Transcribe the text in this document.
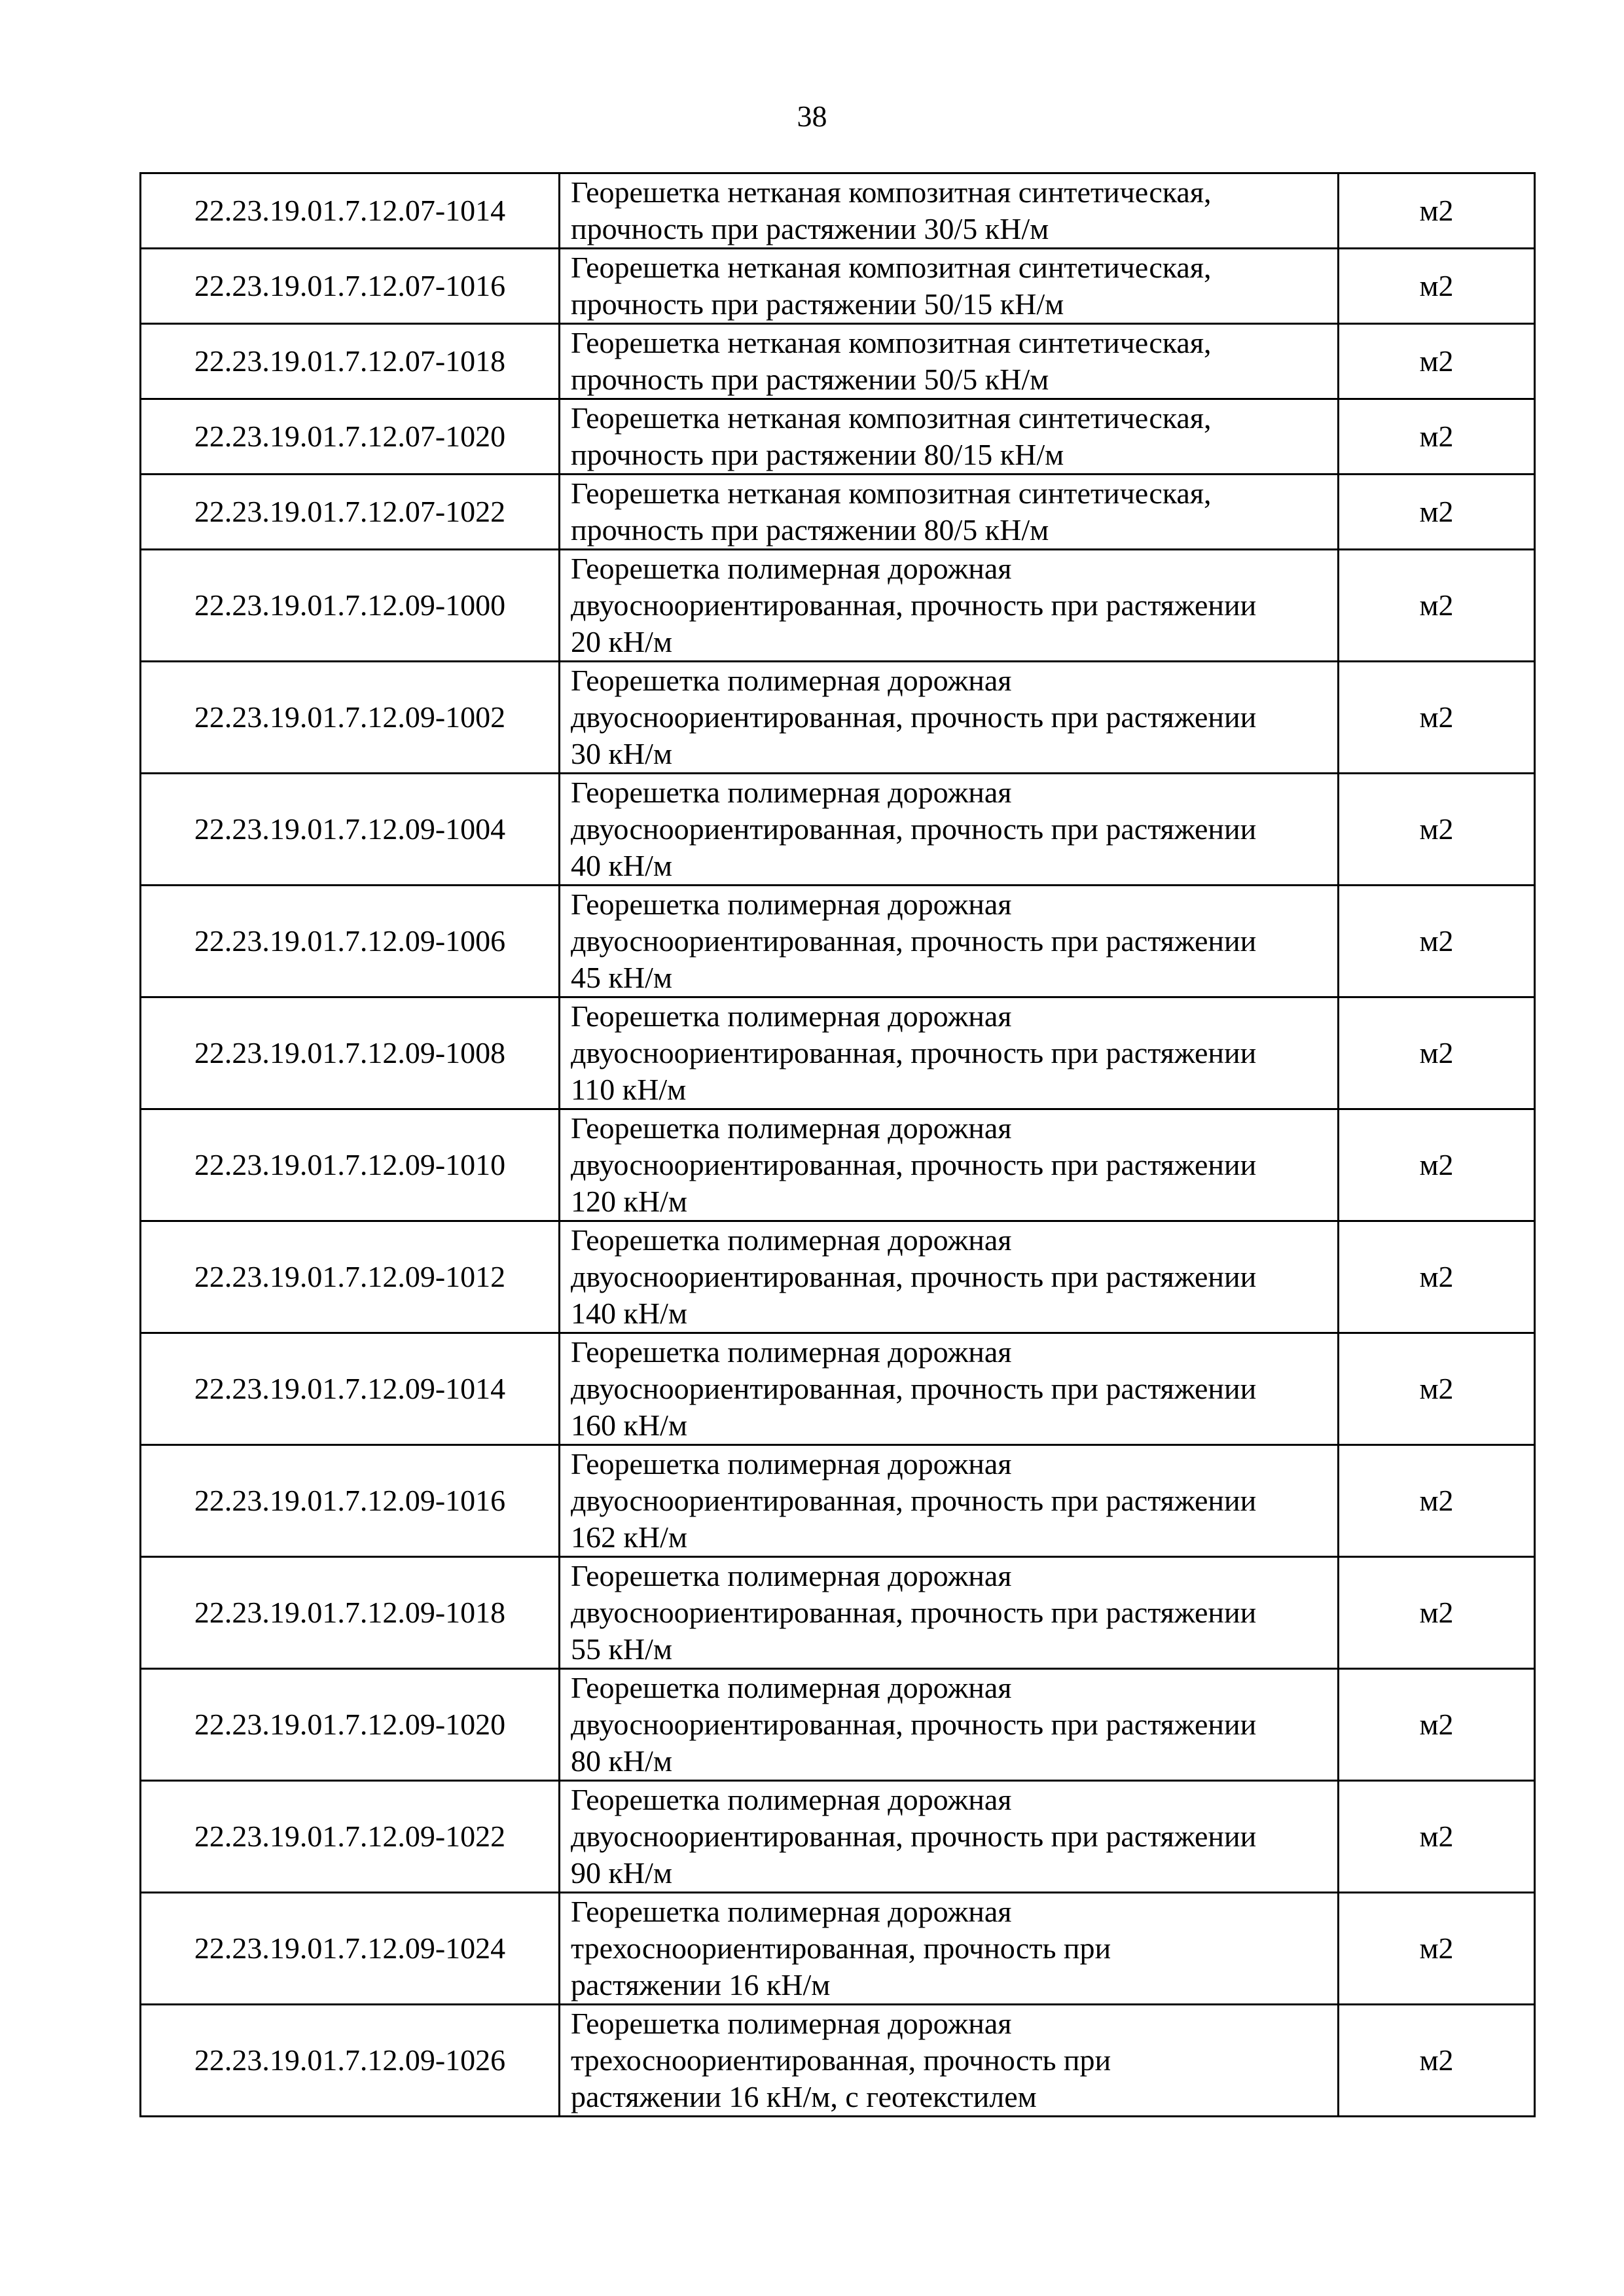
38
22.23.19.01.7.12.07-1014	Георешетка нетканая композитная синтетическая,
прочность при растяжении 30/5 кН/м	м2
22.23.19.01.7.12.07-1016	Георешетка нетканая композитная синтетическая,
прочность при растяжении 50/15 кН/м	м2
22.23.19.01.7.12.07-1018	Георешетка нетканая композитная синтетическая,
прочность при растяжении 50/5 кН/м	м2
22.23.19.01.7.12.07-1020	Георешетка нетканая композитная синтетическая,
прочность при растяжении 80/15 кН/м	м2
22.23.19.01.7.12.07-1022	Георешетка нетканая композитная синтетическая,
прочность при растяжении 80/5 кН/м	м2
22.23.19.01.7.12.09-1000	Георешетка полимерная дорожная
двуосноориентированная, прочность при растяжении
20 кН/м	м2
22.23.19.01.7.12.09-1002	Георешетка полимерная дорожная
двуосноориентированная, прочность при растяжении
30 кН/м	м2
22.23.19.01.7.12.09-1004	Георешетка полимерная дорожная
двуосноориентированная, прочность при растяжении
40 кН/м	м2
22.23.19.01.7.12.09-1006	Георешетка полимерная дорожная
двуосноориентированная, прочность при растяжении
45 кН/м	м2
22.23.19.01.7.12.09-1008	Георешетка полимерная дорожная
двуосноориентированная, прочность при растяжении
110 кН/м	м2
22.23.19.01.7.12.09-1010	Георешетка полимерная дорожная
двуосноориентированная, прочность при растяжении
120 кН/м	м2
22.23.19.01.7.12.09-1012	Георешетка полимерная дорожная
двуосноориентированная, прочность при растяжении
140 кН/м	м2
22.23.19.01.7.12.09-1014	Георешетка полимерная дорожная
двуосноориентированная, прочность при растяжении
160 кН/м	м2
22.23.19.01.7.12.09-1016	Георешетка полимерная дорожная
двуосноориентированная, прочность при растяжении
162 кН/м	м2
22.23.19.01.7.12.09-1018	Георешетка полимерная дорожная
двуосноориентированная, прочность при растяжении
55 кН/м	м2
22.23.19.01.7.12.09-1020	Георешетка полимерная дорожная
двуосноориентированная, прочность при растяжении
80 кН/м	м2
22.23.19.01.7.12.09-1022	Георешетка полимерная дорожная
двуосноориентированная, прочность при растяжении
90 кН/м	м2
22.23.19.01.7.12.09-1024	Георешетка полимерная дорожная
трехосноориентированная, прочность при
растяжении 16 кН/м	м2
22.23.19.01.7.12.09-1026	Георешетка полимерная дорожная
трехосноориентированная, прочность при
растяжении 16 кН/м, с геотекстилем	м2
